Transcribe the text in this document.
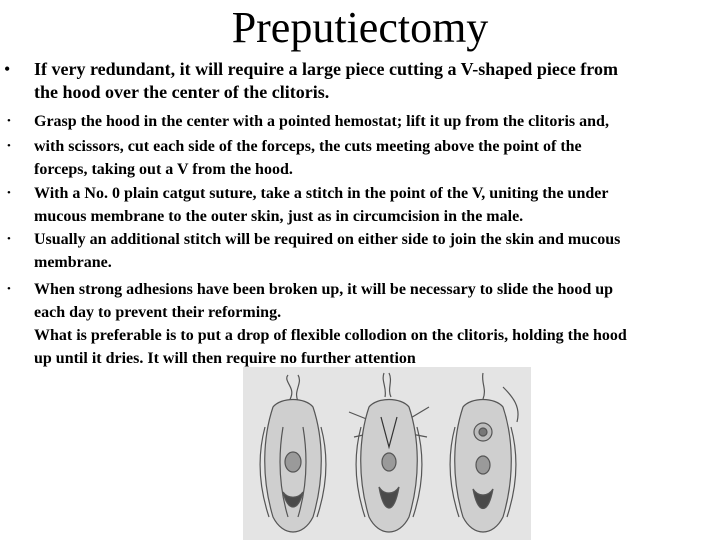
Preputiectomy
• If very redundant, it will require a large piece cutting a V-shaped piece from
the hood over the center of the clitoris.
• Grasp the hood in the center with a pointed hemostat; lift it up from the clitoris and,
• with scissors, cut each side of the forceps, the cuts meeting above the point of the
forceps, taking out a V from the hood.
• With a No. 0 plain catgut suture, take a stitch in the point of the V, uniting the under
mucous membrane to the outer skin, just as in circumcision in the male.
• Usually an additional stitch will be required on either side to join the skin and mucous
membrane.
• When strong adhesions have been broken up, it will be necessary to slide the hood up
each day to prevent their reforming.
What is preferable is to put a drop of flexible collodion on the clitoris, holding the hood
up until it dries. It will then require no further attention
